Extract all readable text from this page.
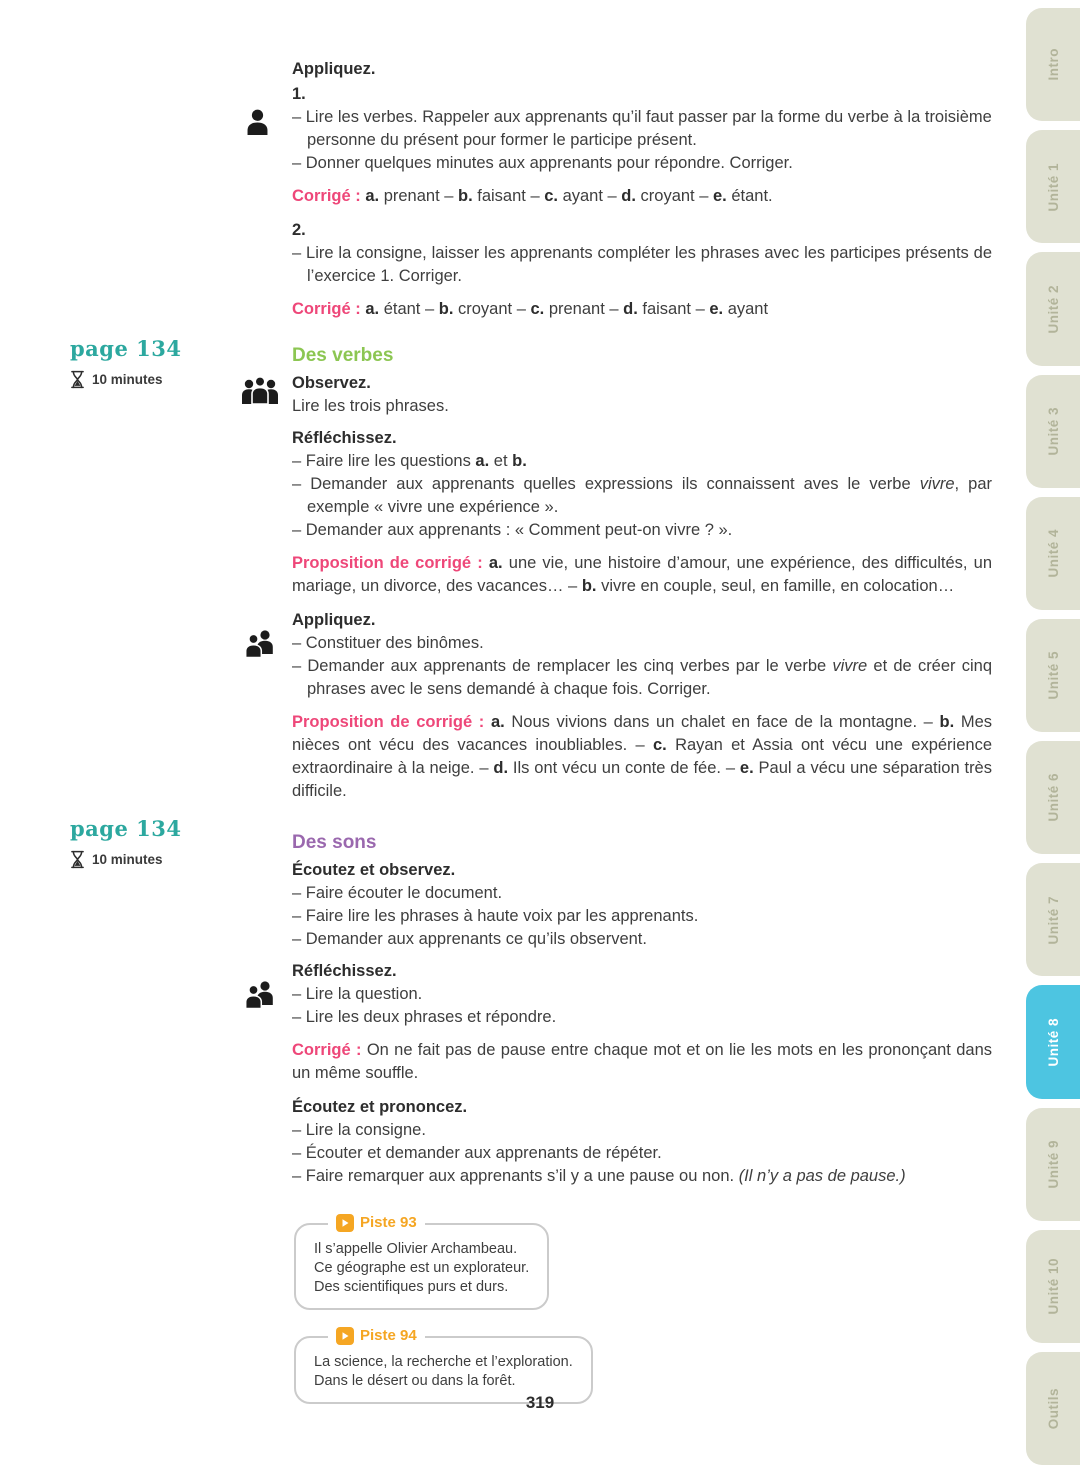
Intro
Unité 1
Unité 2
Unité 3
Unité 4
Unité 5
Unité 6
Unité 7
Unité 8
Unité 9
Unité 10
Outils
page 134
10 minutes
page 134
10 minutes
Appliquez.
1.
– Lire les verbes. Rappeler aux apprenants qu’il faut passer par la forme du verbe à la troisième personne du présent pour former le participe présent.
– Donner quelques minutes aux apprenants pour répondre. Corriger.

Corrigé : a. prenant – b. faisant – c. ayant – d. croyant – e. étant.

2.
– Lire la consigne, laisser les apprenants compléter les phrases avec les participes présents de l’exercice 1. Corriger.

Corrigé : a. étant – b. croyant – c. prenant – d. faisant – e. ayant

Des verbes
Observez.
Lire les trois phrases.
Réfléchissez.
– Faire lire les questions a. et b.
– Demander aux apprenants quelles expressions ils connaissent aves le verbe vivre, par exemple « vivre une expérience ».
– Demander aux apprenants : « Comment peut-on vivre ? ».

Proposition de corrigé : a. une vie, une histoire d’amour, une expérience, des difficultés, un mariage, un divorce, des vacances… – b. vivre en couple, seul, en famille, en colocation…

Appliquez.
– Constituer des binômes.
– Demander aux apprenants de remplacer les cinq verbes par le verbe vivre et de créer cinq phrases avec le sens demandé à chaque fois. Corriger.

Proposition de corrigé : a. Nous vivions dans un chalet en face de la montagne. – b. Mes nièces ont vécu des vacances inoubliables. – c. Rayan et Assia ont vécu une expérience extraordinaire à la neige. – d. Ils ont vécu un conte de fée. – e. Paul a vécu une séparation très difficile.

Des sons
Écoutez et observez.
– Faire écouter le document.
– Faire lire les phrases à haute voix par les apprenants.
– Demander aux apprenants ce qu’ils observent.
Réfléchissez.
– Lire la question.
– Lire les deux phrases et répondre.

Corrigé : On ne fait pas de pause entre chaque mot et on lie les mots en les prononçant dans un même souffle.

Écoutez et prononcez.
– Lire la consigne.
– Écouter et demander aux apprenants de répéter.
– Faire remarquer aux apprenants s’il y a une pause ou non. (Il n’y a pas de pause.)
Piste 93
Il s’appelle Olivier Archambeau.
Ce géographe est un explorateur.
Des scientifiques purs et durs.
Piste 94
La science, la recherche et l’exploration.
Dans le désert ou dans la forêt.
319
